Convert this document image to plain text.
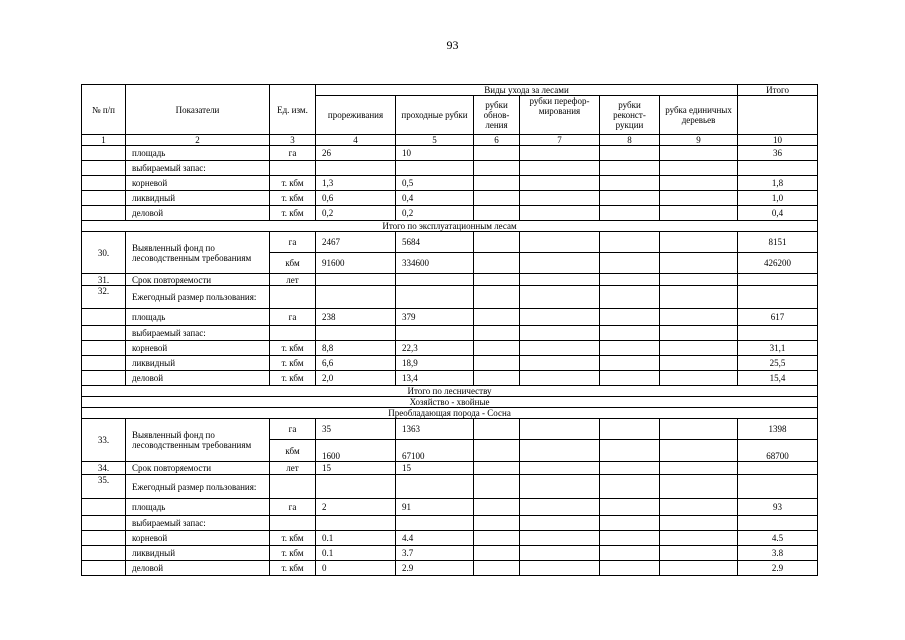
93
№ п/п	Показатели	Ед. изм.	Виды ухода за лесами						Итого
			прореживания	проходные рубки	рубки обнов-ления	рубки перефор-мирования	рубки реконст-рукции	рубка единичных деревьев	
1	2	3	4	5	6	7	8	9	10
	площадь	га	26	10					36
	выбираемый запас:								
	корневой	т. кбм	1,3	0,5					1,8
	ликвидный	т. кбм	0,6	0,4					1,0
	деловой	т. кбм	0,2	0,2					0,4
Итого по эксплуатационным лесам									
30.	Выявленный фонд по лесоводственным требованиям	га	2467	5684					8151
		кбм	91600	334600					426200
31.	Срок повторяемости	лет							
32.	Ежегодный размер пользования:								
	площадь	га	238	379					617
	выбираемый запас:								
	корневой	т. кбм	8,8	22,3					31,1
	ликвидный	т. кбм	6,6	18,9					25,5
	деловой	т. кбм	2,0	13,4					15,4
Итого по лесничеству									
Хозяйство - хвойные									
Преобладающая порода - Сосна									
33.	Выявленный фонд по лесоводственным требованиям	га	35	1363					1398
		кбм	1600	67100					68700
34.	Срок повторяемости	лет	15	15					
35.	Ежегодный размер пользования:								
	площадь	га	2	91					93
	выбираемый запас:								
	корневой	т. кбм	0.1	4.4					4.5
	ликвидный	т. кбм	0.1	3.7					3.8
	деловой	т. кбм	0	2.9					2.9
